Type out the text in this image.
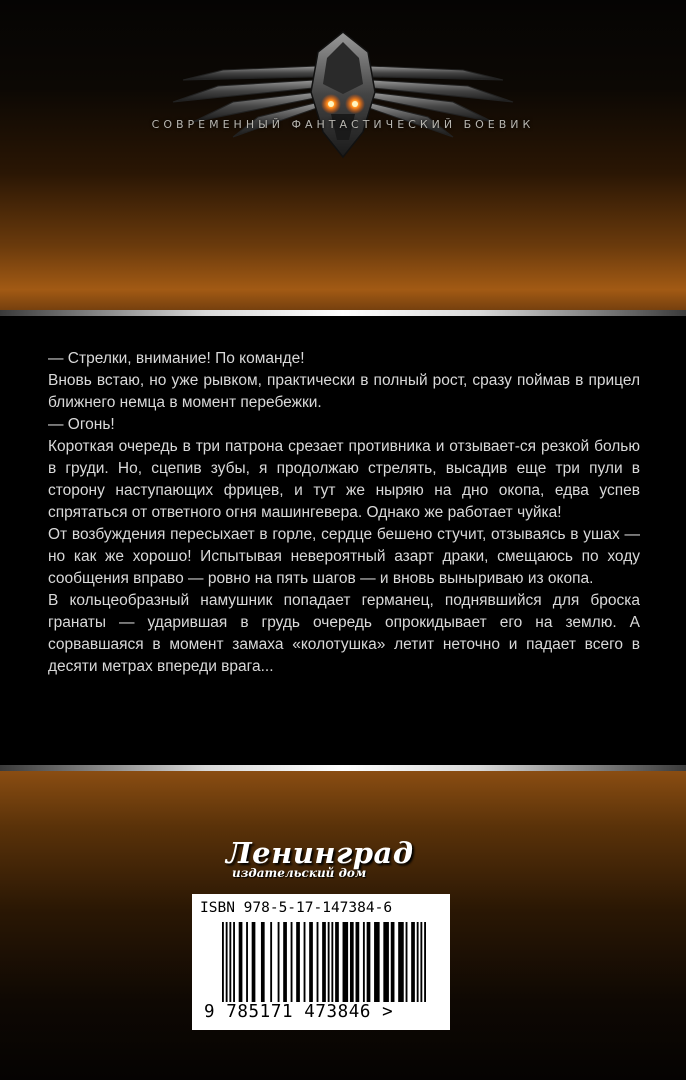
СОВРЕМЕННЫЙ ФАНТАСТИЧЕСКИЙ БОЕВИК

— Стрелки, внимание! По команде!

Вновь встаю, но уже рывком, практически в полный рост, сразу поймав в прицел ближнего немца в момент перебежки.

— Огонь!

Короткая очередь в три патрона срезает противника и отзывает-ся резкой болью в груди. Но, сцепив зубы, я продолжаю стрелять, высадив еще три пули в сторону наступающих фрицев, и тут же ныряю на дно окопа, едва успев спрятаться от ответного огня машингевера. Однако же работает чуйка!

От возбуждения пересыхает в горле, сердце бешено стучит, отзываясь в ушах — но как же хорошо! Испытывая невероятный азарт драки, смещаюсь по ходу сообщения вправо — ровно на пять шагов — и вновь выныриваю из окопа.

В кольцеобразный намушник попадает германец, поднявшийся для броска гранаты — ударившая в грудь очередь опрокидывает его на землю. А сорвавшаяся в момент замаха «колотушка» летит неточно и падает всего в десяти метрах впереди врага...

Ленинград
издательский дом
ISBN 978-5-17-147384-6
9 785171 473846 >
